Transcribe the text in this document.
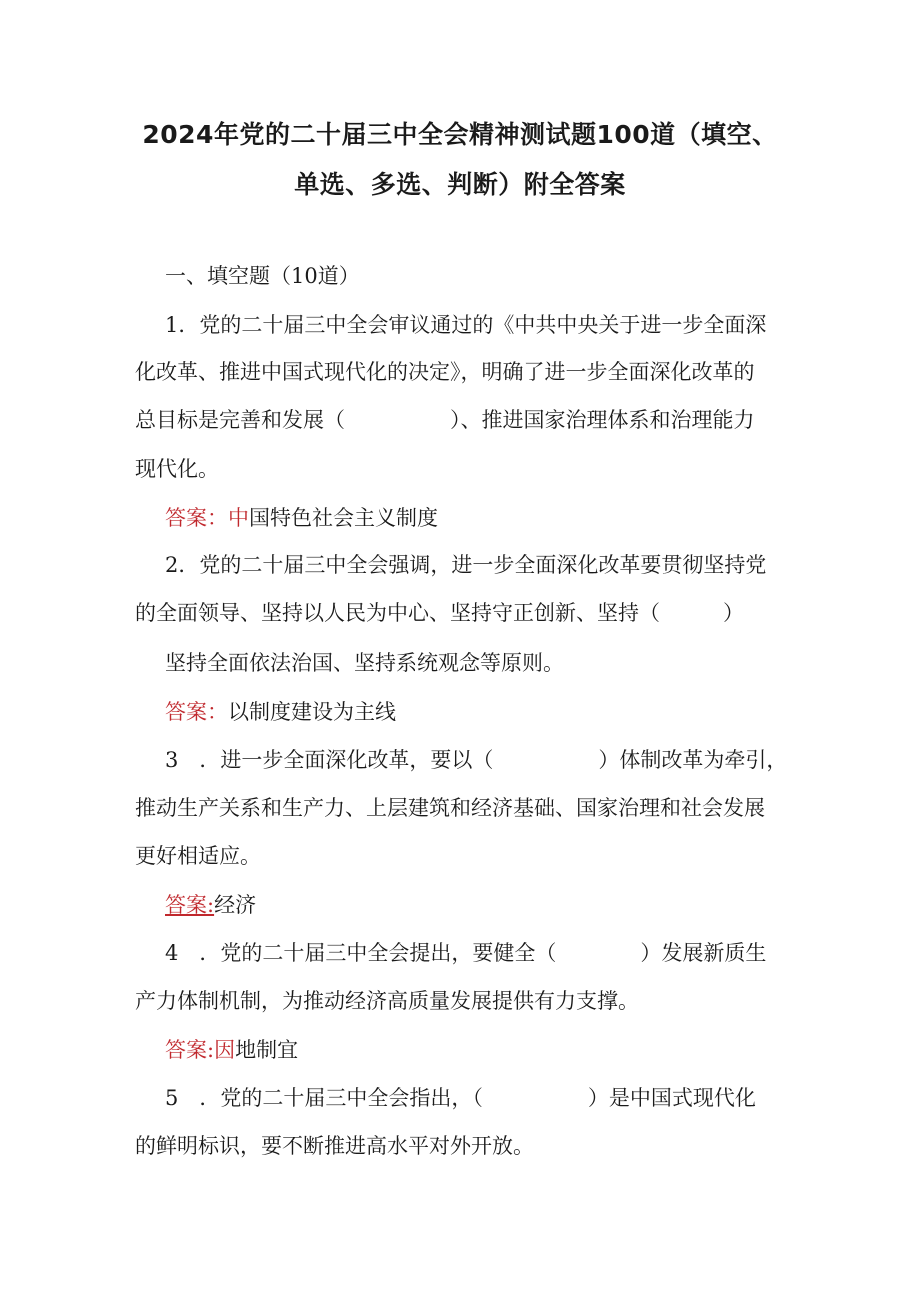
2024年党的二十届三中全会精神测试题100道（填空、
单选、多选、判断）附全答案
一、填空题（10道）
1．党的二十届三中全会审议通过的《中共中央关于进一步全面深
化改革、推进中国式现代化的决定》，明确了进一步全面深化改革的
总目标是完善和发展（　　　　　）、推进国家治理体系和治理能力
现代化。
答案：中国特色社会主义制度
2．党的二十届三中全会强调，进一步全面深化改革要贯彻坚持党
的全面领导、坚持以人民为中心、坚持守正创新、坚持（　　　）
坚持全面依法治国、坚持系统观念等原则。
答案：以制度建设为主线
3　．进一步全面深化改革，要以（　　　　　）体制改革为牵引，
推动生产关系和生产力、上层建筑和经济基础、国家治理和社会发展
更好相适应。
答案:经济
4　．党的二十届三中全会提出，要健全（　　　　）发展新质生
产力体制机制，为推动经济高质量发展提供有力支撑。
答案:因地制宜
5　．党的二十届三中全会指出，（　　　　　）是中国式现代化
的鲜明标识，要不断推进高水平对外开放。
